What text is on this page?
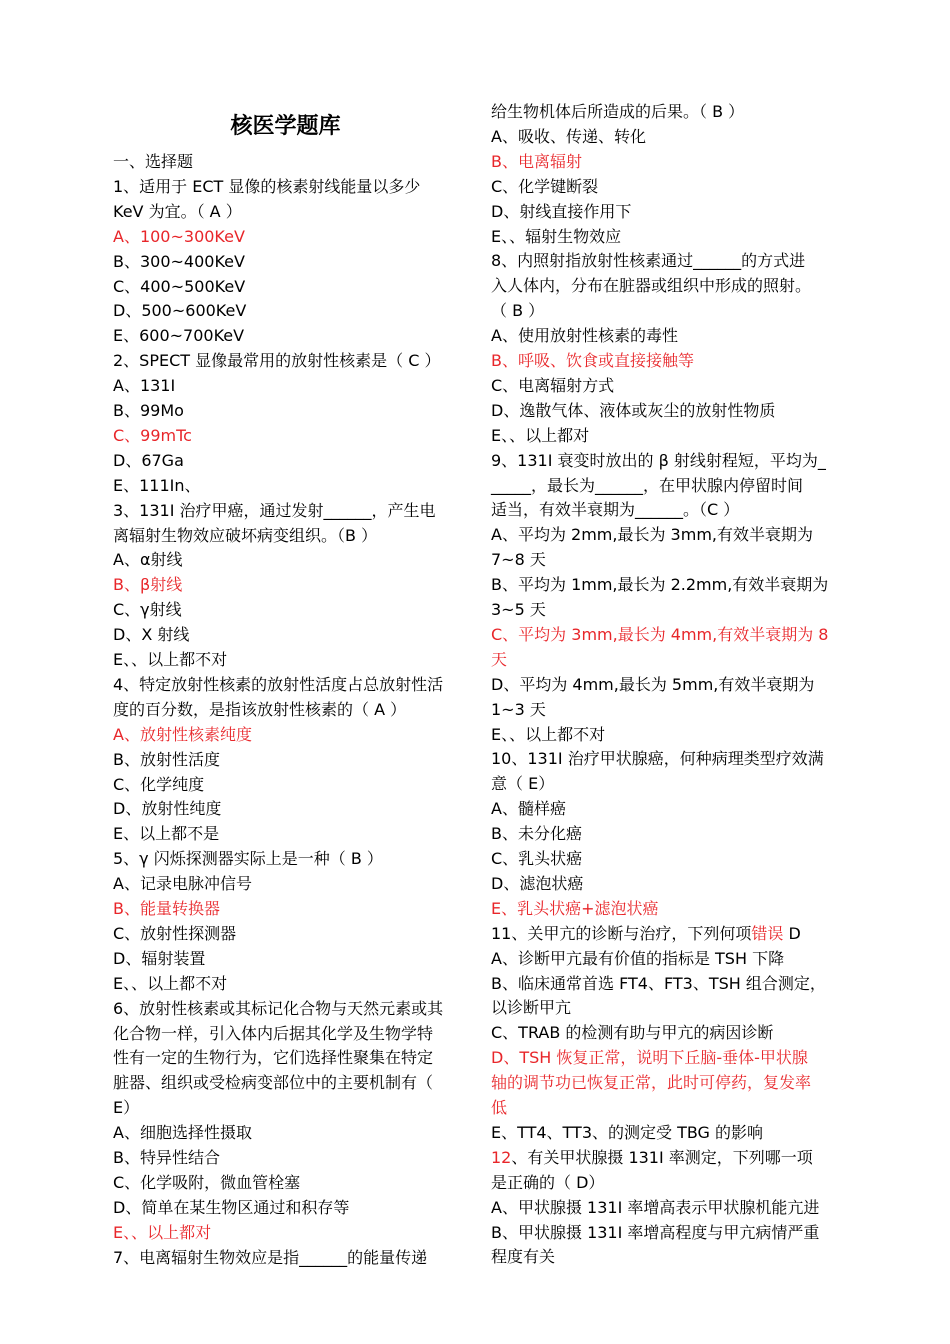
核医学题库
一、选择题
1、适用于 ECT 显像的核素射线能量以多少
KeV 为宜。（ A ）
A、100~300KeV
B、300~400KeV
C、400~500KeV
D、500~600KeV
E、600~700KeV
2、SPECT 显像最常用的放射性核素是（ C ）
A、131I
B、99Mo
C、99mTc
D、67Ga
E、111In、
3、131I 治疗甲癌，通过发射______，产生电
离辐射生物效应破坏病变组织。（B ）
A、α射线
B、β射线
C、γ射线
D、X 射线
E、、以上都不对
4、特定放射性核素的放射性活度占总放射性活
度的百分数，是指该放射性核素的（ A ）
A、放射性核素纯度
B、放射性活度
C、化学纯度
D、放射性纯度
E、以上都不是
5、γ 闪烁探测器实际上是一种（ B ）
A、记录电脉冲信号
B、能量转换器
C、放射性探测器
D、辐射装置
E、、以上都不对
6、放射性核素或其标记化合物与天然元素或其
化合物一样，引入体内后据其化学及生物学特
性有一定的生物行为，它们选择性聚集在特定
脏器、组织或受检病变部位中的主要机制有（
E）
A、细胞选择性摄取
B、特异性结合
C、化学吸附，微血管栓塞
D、简单在某生物区通过和积存等
E、、以上都对
7、电离辐射生物效应是指______的能量传递
给生物机体后所造成的后果。（ B ）
A、吸收、传递、转化
B、电离辐射
C、化学键断裂
D、射线直接作用下
E、、辐射生物效应
8、内照射指放射性核素通过______的方式进
入人体内，分布在脏器或组织中形成的照射。
（ B ）
A、使用放射性核素的毒性
B、呼吸、饮食或直接接触等
C、电离辐射方式
D、逸散气体、液体或灰尘的放射性物质
E、、以上都对
9、131I 衰变时放出的 β 射线射程短，平均为_
_____，最长为______，在甲状腺内停留时间
适当，有效半衰期为______。（C ）
A、平均为 2mm,最长为 3mm,有效半衰期为
7~8 天
B、平均为 1mm,最长为 2.2mm,有效半衰期为
3~5 天
C、平均为 3mm,最长为 4mm,有效半衰期为 8
天
D、平均为 4mm,最长为 5mm,有效半衰期为
1~3 天
E、、以上都不对
10、131I 治疗甲状腺癌，何种病理类型疗效满
意（ E）
A、髓样癌
B、未分化癌
C、乳头状癌
D、滤泡状癌
E、乳头状癌+滤泡状癌
11、关甲亢的诊断与治疗，下列何项错误 D
A、诊断甲亢最有价值的指标是 TSH 下降
B、临床通常首选 FT4、FT3、TSH 组合测定，
以诊断甲亢
C、TRAB 的检测有助与甲亢的病因诊断
D、TSH 恢复正常，说明下丘脑-垂体-甲状腺
轴的调节功已恢复正常，此时可停药，复发率
低
E、TT4、TT3、的测定受 TBG 的影响
12、有关甲状腺摄 131I 率测定，下列哪一项
是正确的（ D）
A、甲状腺摄 131I 率增高表示甲状腺机能亢进
B、甲状腺摄 131I 率增高程度与甲亢病情严重
程度有关
